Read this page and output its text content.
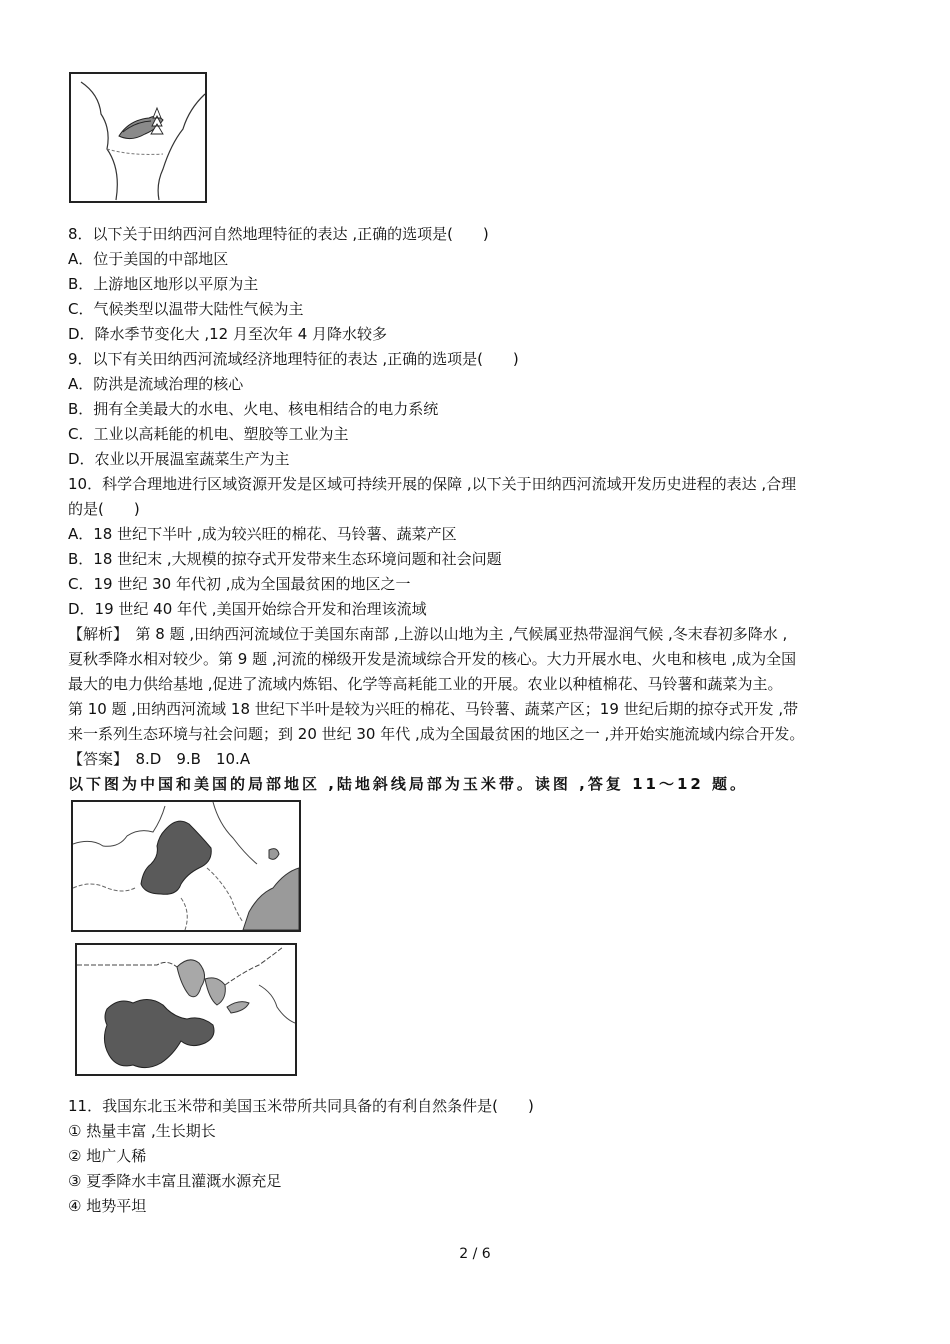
8．以下关于田纳西河自然地理特征的表达 ,正确的选项是(　　)
A．位于美国的中部地区
B．上游地区地形以平原为主
C．气候类型以温带大陆性气候为主
D．降水季节变化大 ,12 月至次年 4 月降水较多
9．以下有关田纳西河流域经济地理特征的表达 ,正确的选项是(　　)
A．防洪是流域治理的核心
B．拥有全美最大的水电、火电、核电相结合的电力系统
C．工业以高耗能的机电、塑胶等工业为主
D．农业以开展温室蔬菜生产为主
10．科学合理地进行区域资源开发是区域可持续开展的保障 ,以下关于田纳西河流域开发历史进程的表达 ,合理
的是(　　)
A．18 世纪下半叶 ,成为较兴旺的棉花、马铃薯、蔬菜产区
B．18 世纪末 ,大规模的掠夺式开发带来生态环境问题和社会问题
C．19 世纪 30 年代初 ,成为全国最贫困的地区之一
D．19 世纪 40 年代 ,美国开始综合开发和治理该流域
【解析】　第 8 题 ,田纳西河流域位于美国东南部 ,上游以山地为主 ,气候属亚热带湿润气候 ,冬末春初多降水 ,
夏秋季降水相对较少。第 9 题 ,河流的梯级开发是流域综合开发的核心。大力开展水电、火电和核电 ,成为全国
最大的电力供给基地 ,促进了流域内炼铝、化学等高耗能工业的开展。农业以种植棉花、马铃薯和蔬菜为主。
第 10 题 ,田纳西河流域 18 世纪下半叶是较为兴旺的棉花、马铃薯、蔬菜产区；19 世纪后期的掠夺式开发 ,带
来一系列生态环境与社会问题；到 20 世纪 30 年代 ,成为全国最贫困的地区之一 ,并开始实施流域内综合开发。
【答案】　8.D　9.B　10.A
以下图为中国和美国的局部地区 ,陆地斜线局部为玉米带。读图 ,答复 11～12 题。
11．我国东北玉米带和美国玉米带所共同具备的有利自然条件是(　　)
① 热量丰富 ,生长期长
② 地广人稀
③ 夏季降水丰富且灌溉水源充足
④ 地势平坦
2 / 6
